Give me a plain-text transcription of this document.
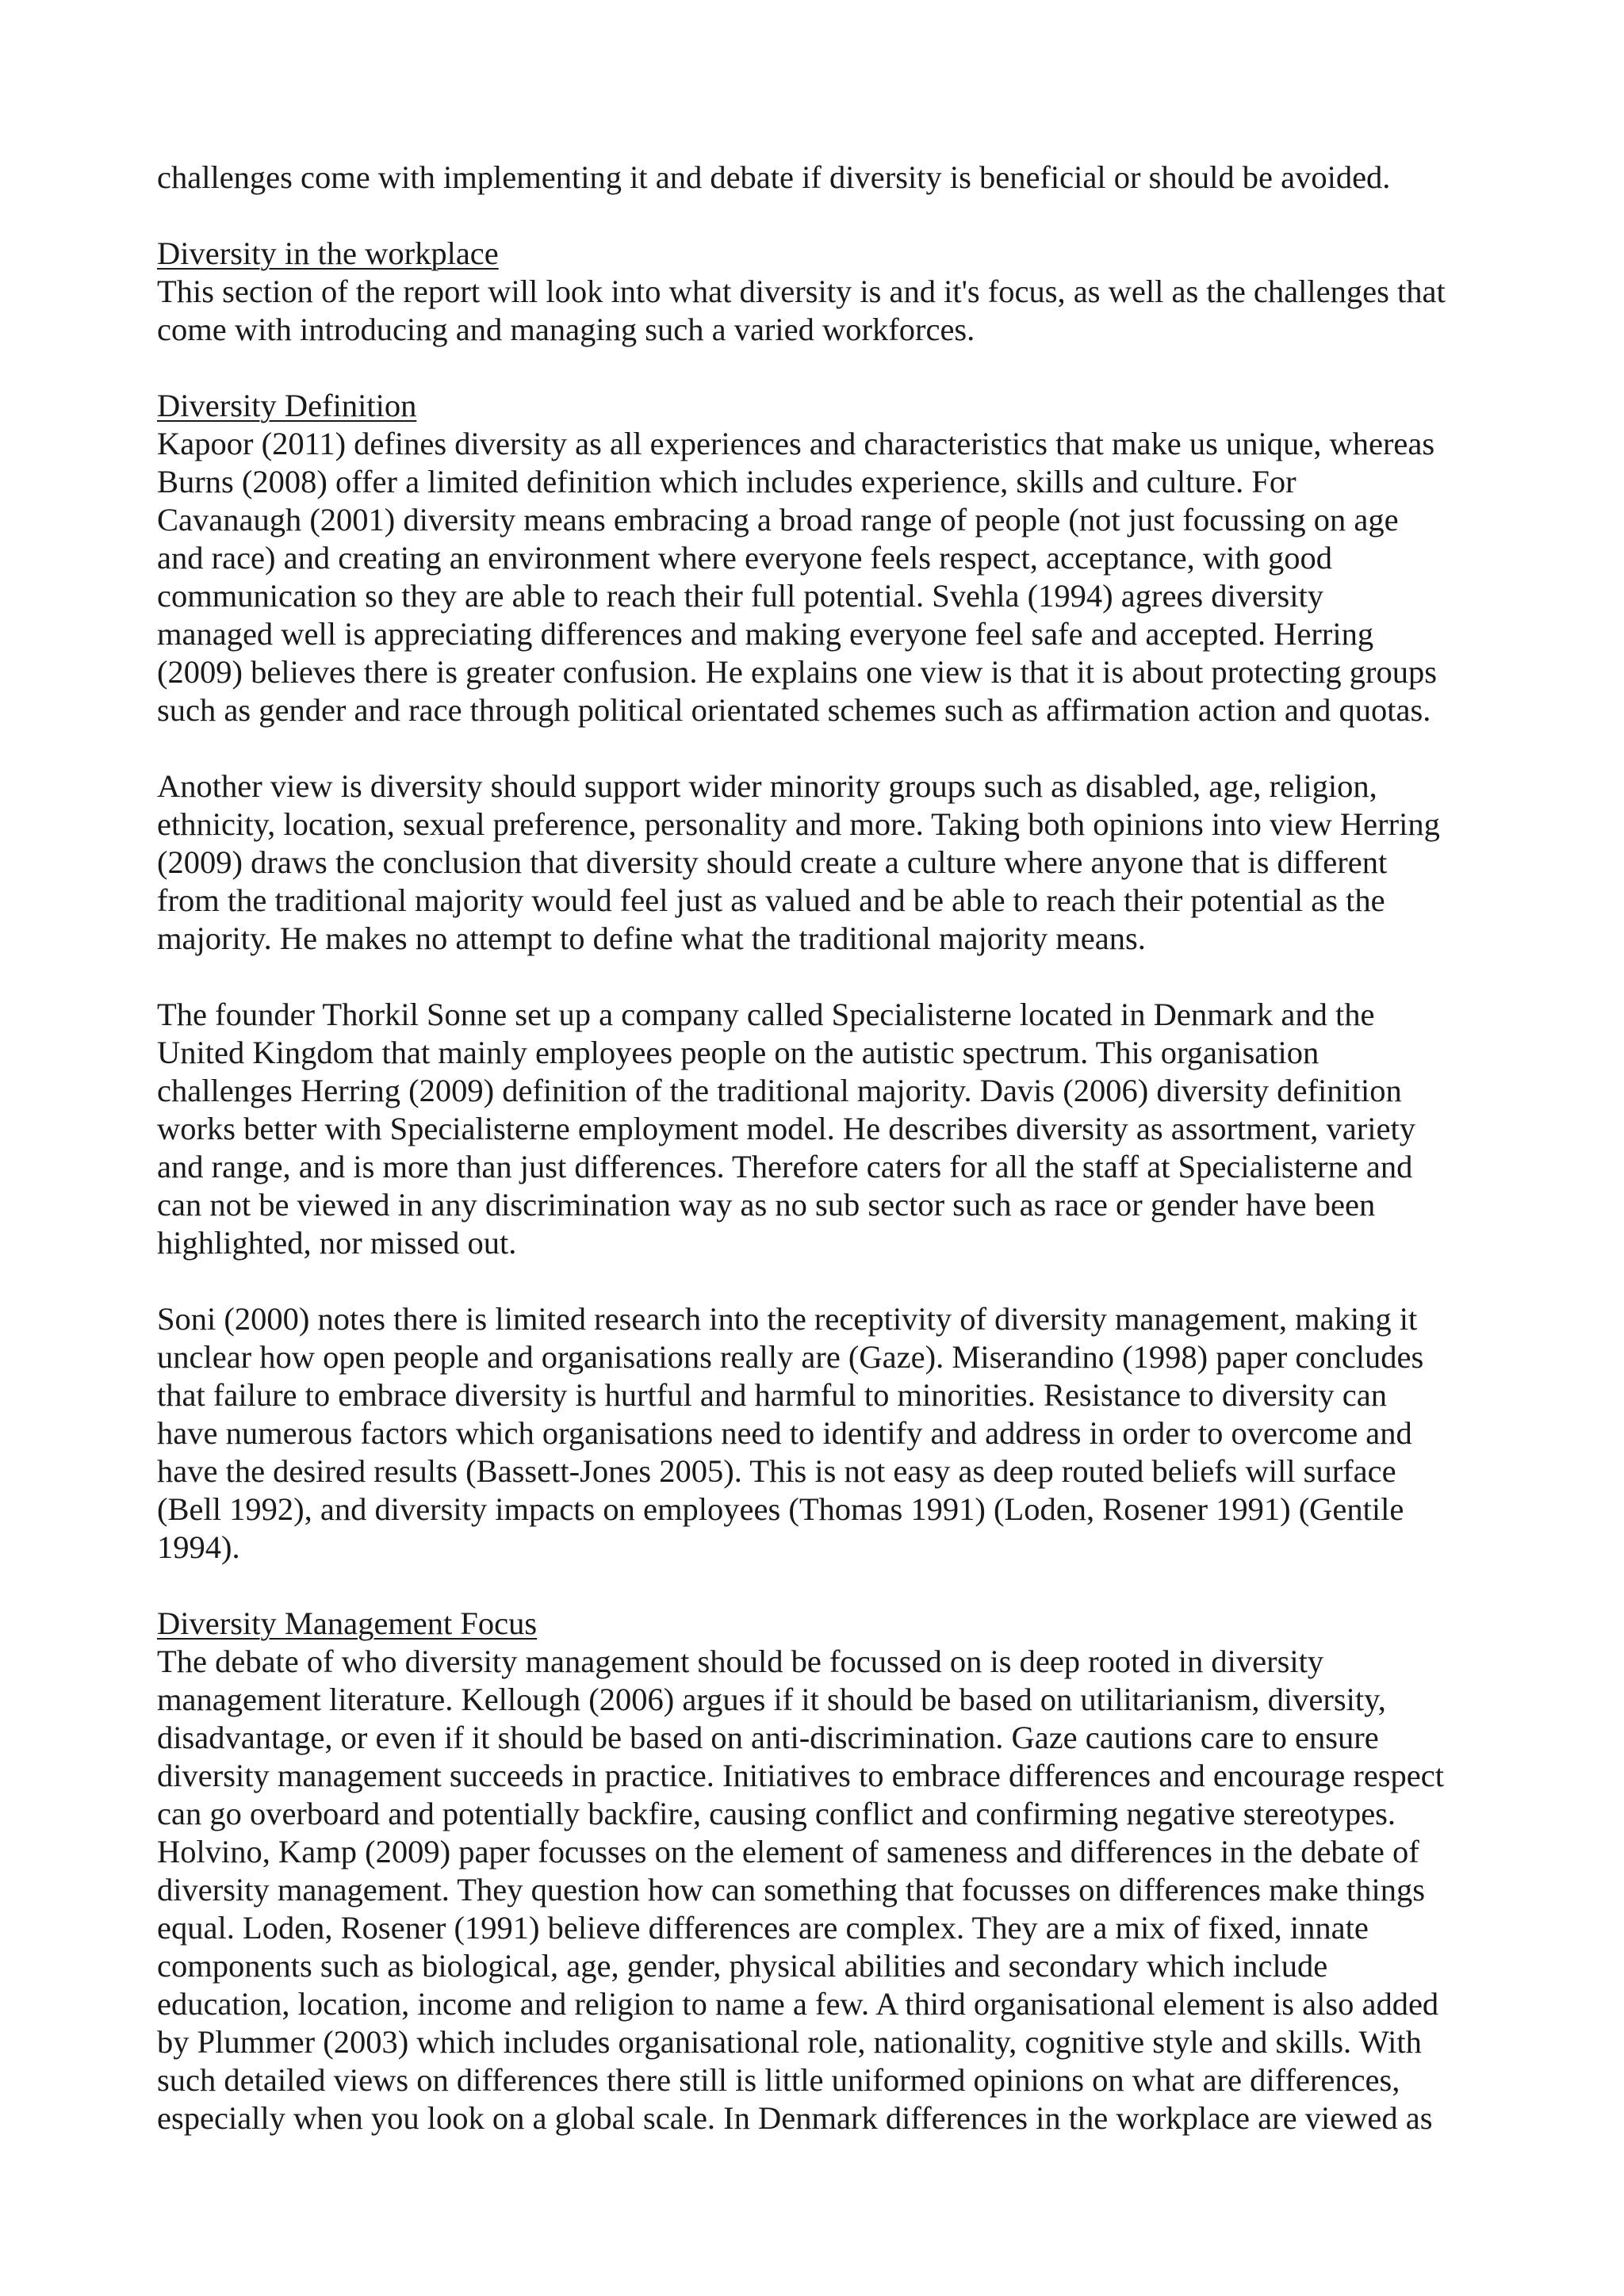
challenges come with implementing it and debate if diversity is beneficial or should be avoided.

Diversity in the workplace

This section of the report will look into what diversity is and it's focus, as well as the challenges that
come with introducing and managing such a varied workforces.

Diversity Definition

Kapoor (2011) defines diversity as all experiences and characteristics that make us unique, whereas
Burns (2008) offer a limited definition which includes experience, skills and culture. For
Cavanaugh (2001) diversity means embracing a broad range of people (not just focussing on age
and race) and creating an environment where everyone feels respect, acceptance, with good
communication so they are able to reach their full potential. Svehla (1994) agrees diversity
managed well is appreciating differences and making everyone feel safe and accepted. Herring
(2009) believes there is greater confusion. He explains one view is that it is about protecting groups
such as gender and race through political orientated schemes such as affirmation action and quotas.

Another view is diversity should support wider minority groups such as disabled, age, religion,
ethnicity, location, sexual preference, personality and more. Taking both opinions into view Herring
(2009) draws the conclusion that diversity should create a culture where anyone that is different
from the traditional majority would feel just as valued and be able to reach their potential as the
majority. He makes no attempt to define what the traditional majority means.

The founder Thorkil Sonne set up a company called Specialisterne located in Denmark and the
United Kingdom that mainly employees people on the autistic spectrum. This organisation
challenges Herring (2009) definition of the traditional majority. Davis (2006) diversity definition
works better with Specialisterne employment model. He describes diversity as assortment, variety
and range, and is more than just differences. Therefore caters for all the staff at Specialisterne and
can not be viewed in any discrimination way as no sub sector such as race or gender have been
highlighted, nor missed out.

Soni (2000) notes there is limited research into the receptivity of diversity management, making it
unclear how open people and organisations really are (Gaze). Miserandino (1998) paper concludes
that failure to embrace diversity is hurtful and harmful to minorities. Resistance to diversity can
have numerous factors which organisations need to identify and address in order to overcome and
have the desired results (Bassett-Jones 2005). This is not easy as deep routed beliefs will surface
(Bell 1992), and diversity impacts on employees (Thomas 1991) (Loden, Rosener 1991) (Gentile
1994).

Diversity Management Focus

The debate of who diversity management should be focussed on is deep rooted in diversity
management literature. Kellough (2006) argues if it should be based on utilitarianism, diversity,
disadvantage, or even if it should be based on anti-discrimination. Gaze cautions care to ensure
diversity management succeeds in practice. Initiatives to embrace differences and encourage respect
can go overboard and potentially backfire, causing conflict and confirming negative stereotypes.
Holvino, Kamp (2009) paper focusses on the element of sameness and differences in the debate of
diversity management. They question how can something that focusses on differences make things
equal. Loden, Rosener (1991) believe differences are complex. They are a mix of fixed, innate
components such as biological, age, gender, physical abilities and secondary which include
education, location, income and religion to name a few. A third organisational element is also added
by Plummer (2003) which includes organisational role, nationality, cognitive style and skills. With
such detailed views on differences there still is little uniformed opinions on what are differences,
especially when you look on a global scale. In Denmark differences in the workplace are viewed as
